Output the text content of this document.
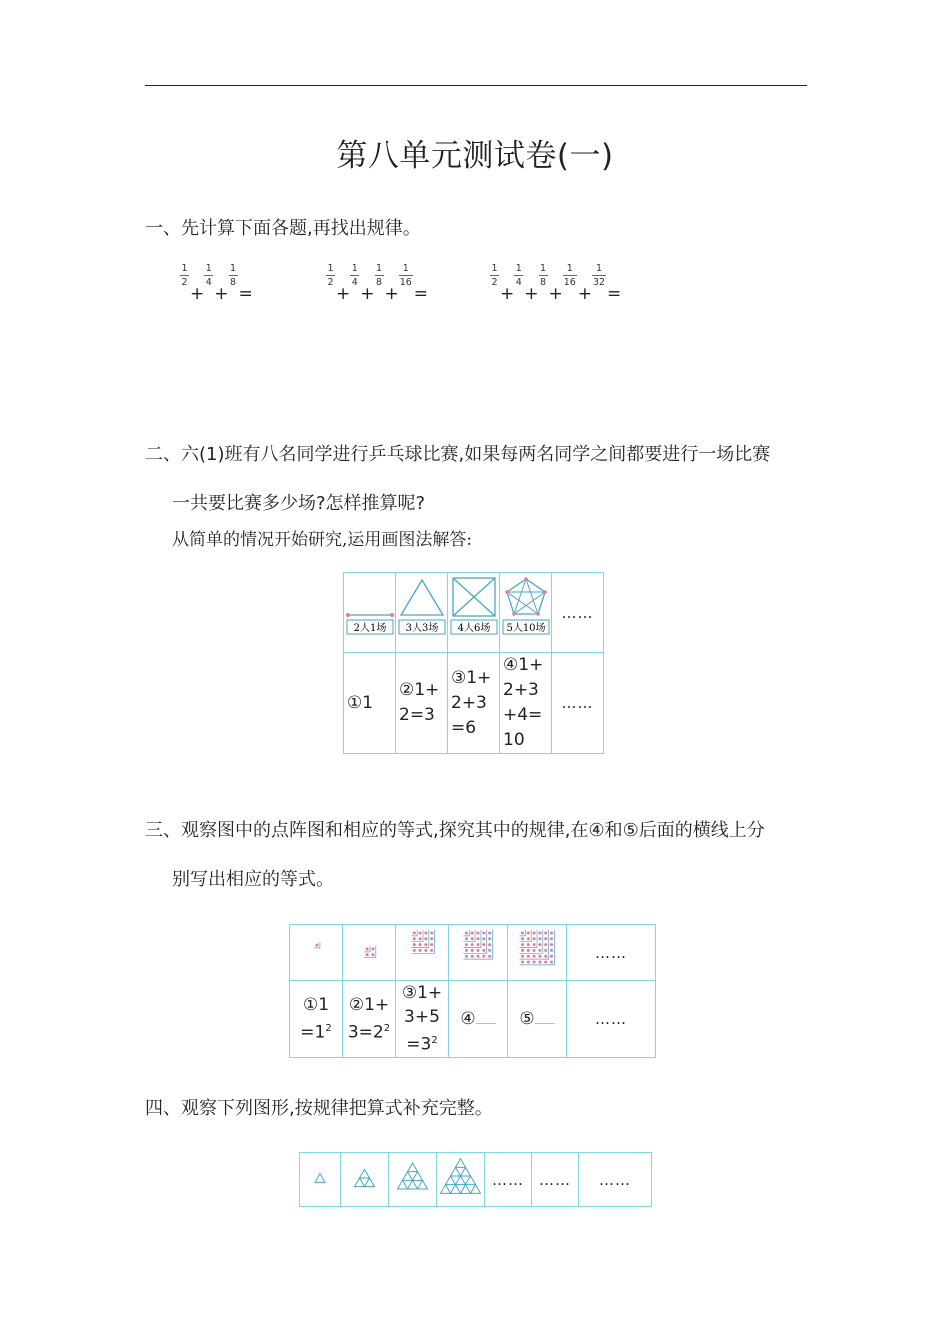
第八单元测试卷(一)
一、先计算下面各题,再找出规律。
$\frac{1}{2}$
+
$\frac{1}{4}$
+
$\frac{1}{8}$
=
$\frac{1}{2}$
+
$\frac{1}{4}$
+
$\frac{1}{8}$
+
$\frac{1}{16}$
=
$\frac{1}{2}$
+
$\frac{1}{4}$
+
$\frac{1}{8}$
+
$\frac{1}{16}$
+
$\frac{1}{32}$
=
二、六(1)班有八名同学进行乒乓球比赛,如果每两名同学之间都要进行一场比赛
一共要比赛多少场?怎样推算呢?
从简单的情况开始研究,运用画图法解答:
2人1场	3人3场	4人6场	5人10场	……
①1	②1+
2=3	③1+
2+3
=6	④1+
2+3
+4=
10	……
三、观察图中的点阵图和相应的等式,探究其中的规律,在④和⑤后面的横线上分
别写出相应的等式。
					……
①1
$=1^2$	②1+
$3=2^2$	③1+
3+5
$=3^2$	④	⑤	……
四、观察下列图形,按规律把算式补充完整。
				……	……	……
